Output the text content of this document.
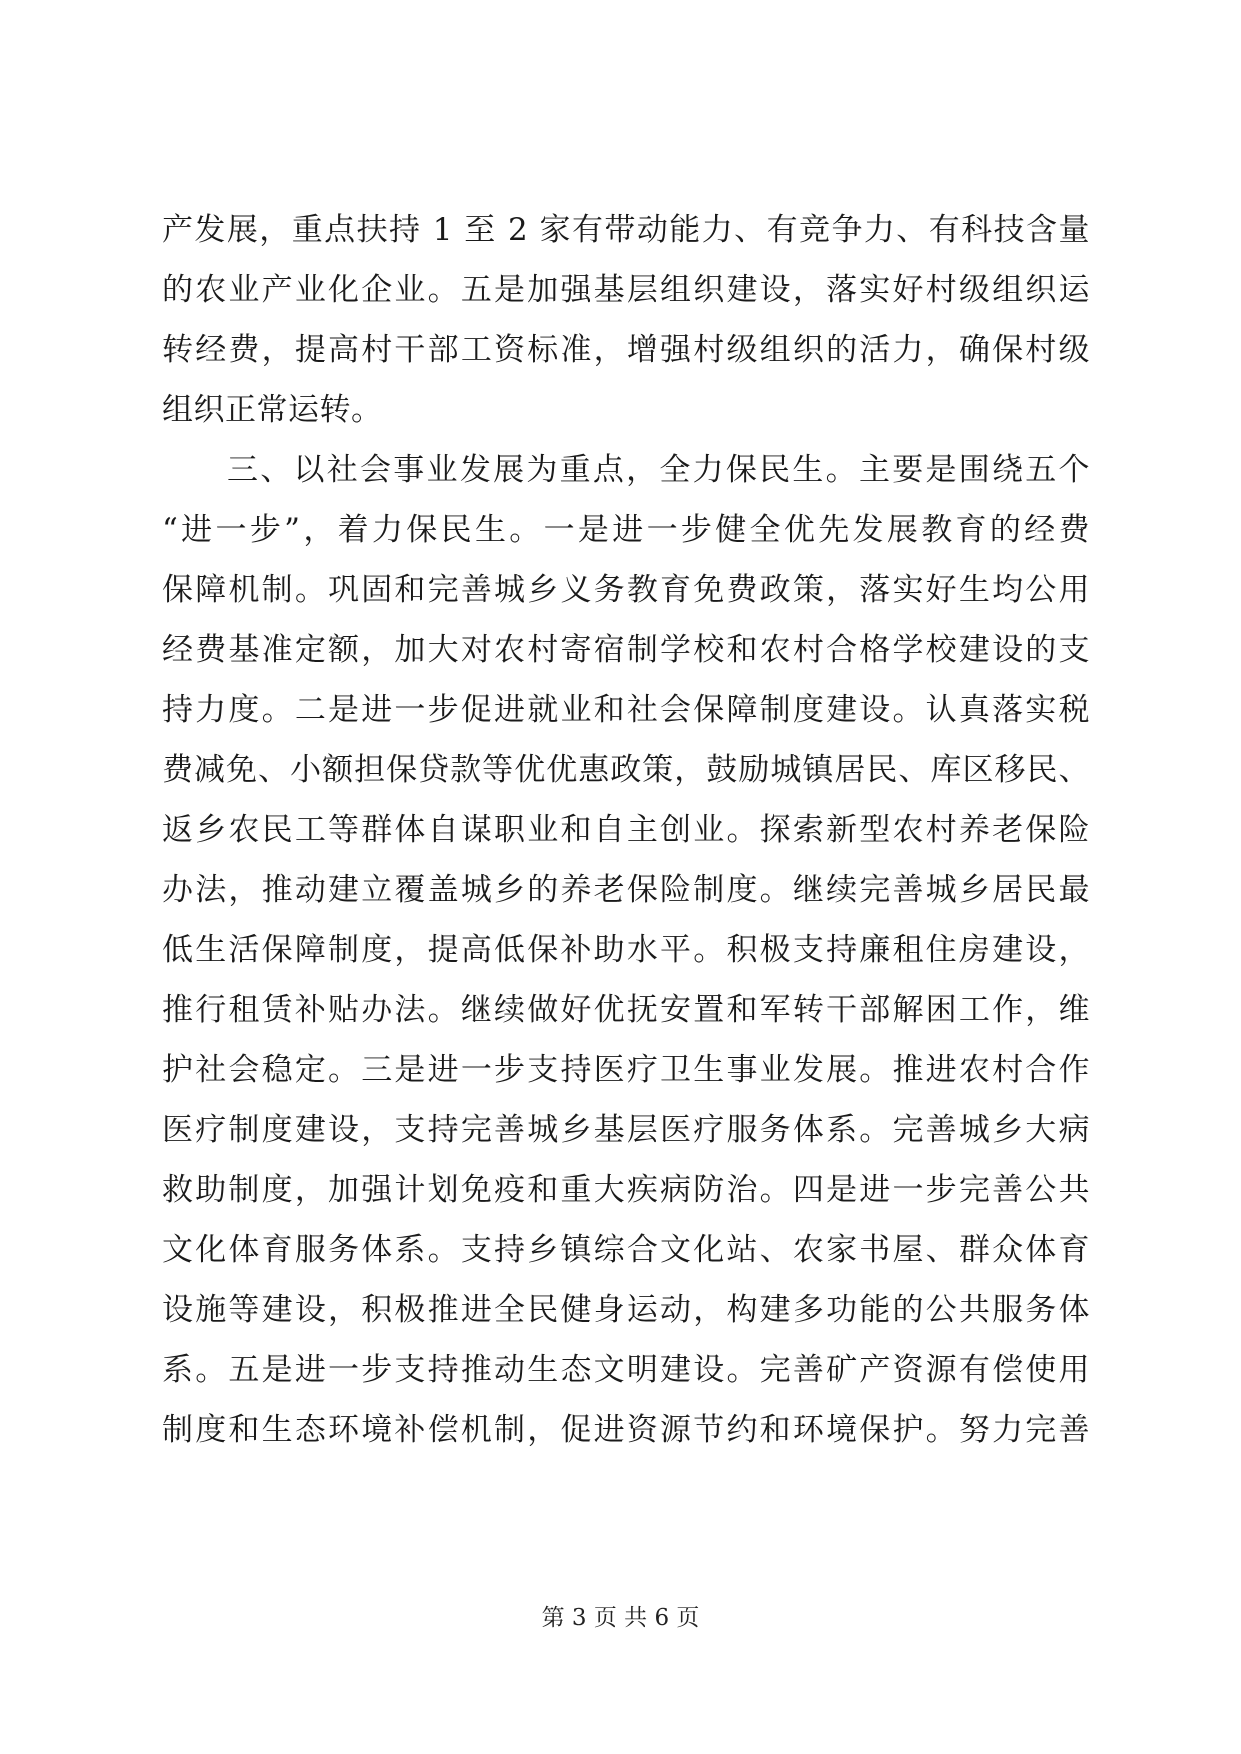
产发展，重点扶持 1 至 2 家有带动能力、有竞争力、有科技含量
的农业产业化企业。五是加强基层组织建设，落实好村级组织运
转经费，提高村干部工资标准，增强村级组织的活力，确保村级
组织正常运转。
三、以社会事业发展为重点，全力保民生。主要是围绕五个
“进一步”，着力保民生。一是进一步健全优先发展教育的经费
保障机制。巩固和完善城乡义务教育免费政策，落实好生均公用
经费基准定额，加大对农村寄宿制学校和农村合格学校建设的支
持力度。二是进一步促进就业和社会保障制度建设。认真落实税
费减免、小额担保贷款等优优惠政策，鼓励城镇居民、库区移民、
返乡农民工等群体自谋职业和自主创业。探索新型农村养老保险
办法，推动建立覆盖城乡的养老保险制度。继续完善城乡居民最
低生活保障制度，提高低保补助水平。积极支持廉租住房建设，
推行租赁补贴办法。继续做好优抚安置和军转干部解困工作，维
护社会稳定。三是进一步支持医疗卫生事业发展。推进农村合作
医疗制度建设，支持完善城乡基层医疗服务体系。完善城乡大病
救助制度，加强计划免疫和重大疾病防治。四是进一步完善公共
文化体育服务体系。支持乡镇综合文化站、农家书屋、群众体育
设施等建设，积极推进全民健身运动，构建多功能的公共服务体
系。五是进一步支持推动生态文明建设。完善矿产资源有偿使用
制度和生态环境补偿机制，促进资源节约和环境保护。努力完善
第 3 页 共 6 页
